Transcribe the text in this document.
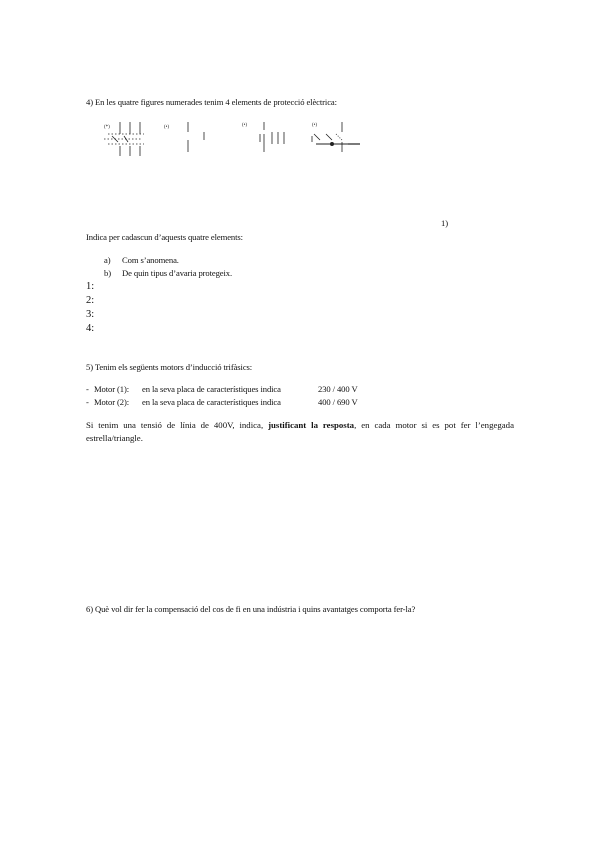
4) En les quatre figures numerades tenim 4 elements de protecció elèctrica:
(*)	(•)	(•)	(•)
1)
Indica per cadascun d’aquests quatre elements:
a) Com s’anomena.
b) De quin tipus d’avaria protegeix.
1:
2:
3:
4:
5) Tenim els següents motors d’inducció trifàsics:
- Motor (1): en la seva placa de característiques indica	230 / 400 V
- Motor (2): en la seva placa de característiques indica	400 / 690 V
Si tenim una tensió de línia de 400V, indica, justificant la resposta, en cada motor si es pot fer l’engegada estrella/triangle.
6) Què vol dir fer la compensació del cos de fi en una indústria i quins avantatges comporta fer-la?
